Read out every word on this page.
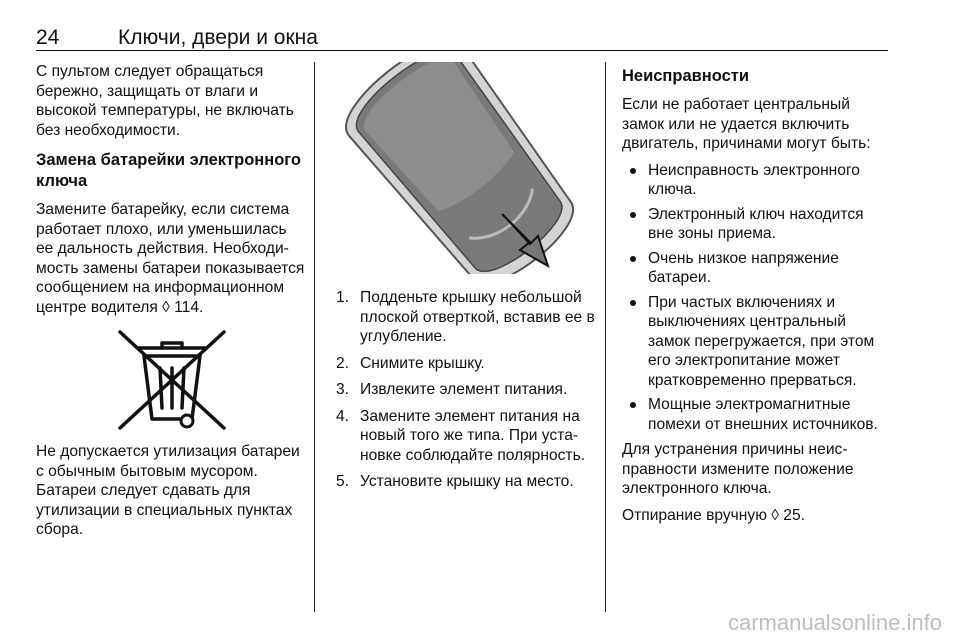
24	Ключи, двери и окна

С пультом следует обращаться бережно, защищать от влаги и высокой температуры, не включать без необходимости.

Замена батарейки электронного ключа

Замените батарейку, если система работает плохо, или уменьшилась ее дальность действия. Необходимость замены батареи показывается сообщением на информационном центре водителя ◊ 114.

Не допускается утилизация батареи с обычным бытовым мусором. Батареи следует сдавать для утилизации в специальных пунктах сбора.

1. Подденьте крышку небольшой плоской отверткой, вставив ее в углубление.
2. Снимите крышку.
3. Извлеките элемент питания.
4. Замените элемент питания на новый того же типа. При установке соблюдайте полярность.
5. Установите крышку на место.
Неисправности

Если не работает центральный замок или не удается включить двигатель, причинами могут быть:

Неисправность электронного ключа.
Электронный ключ находится вне зоны приема.
Очень низкое напряжение батареи.
При частых включениях и выключениях центральный замок перегружается, при этом его электропитание может кратковременно прерваться.
Мощные электромагнитные помехи от внешних источников.

Для устранения причины неисправности измените положение электронного ключа.

Отпирание вручную ◊ 25.

carmanualsonline.info
